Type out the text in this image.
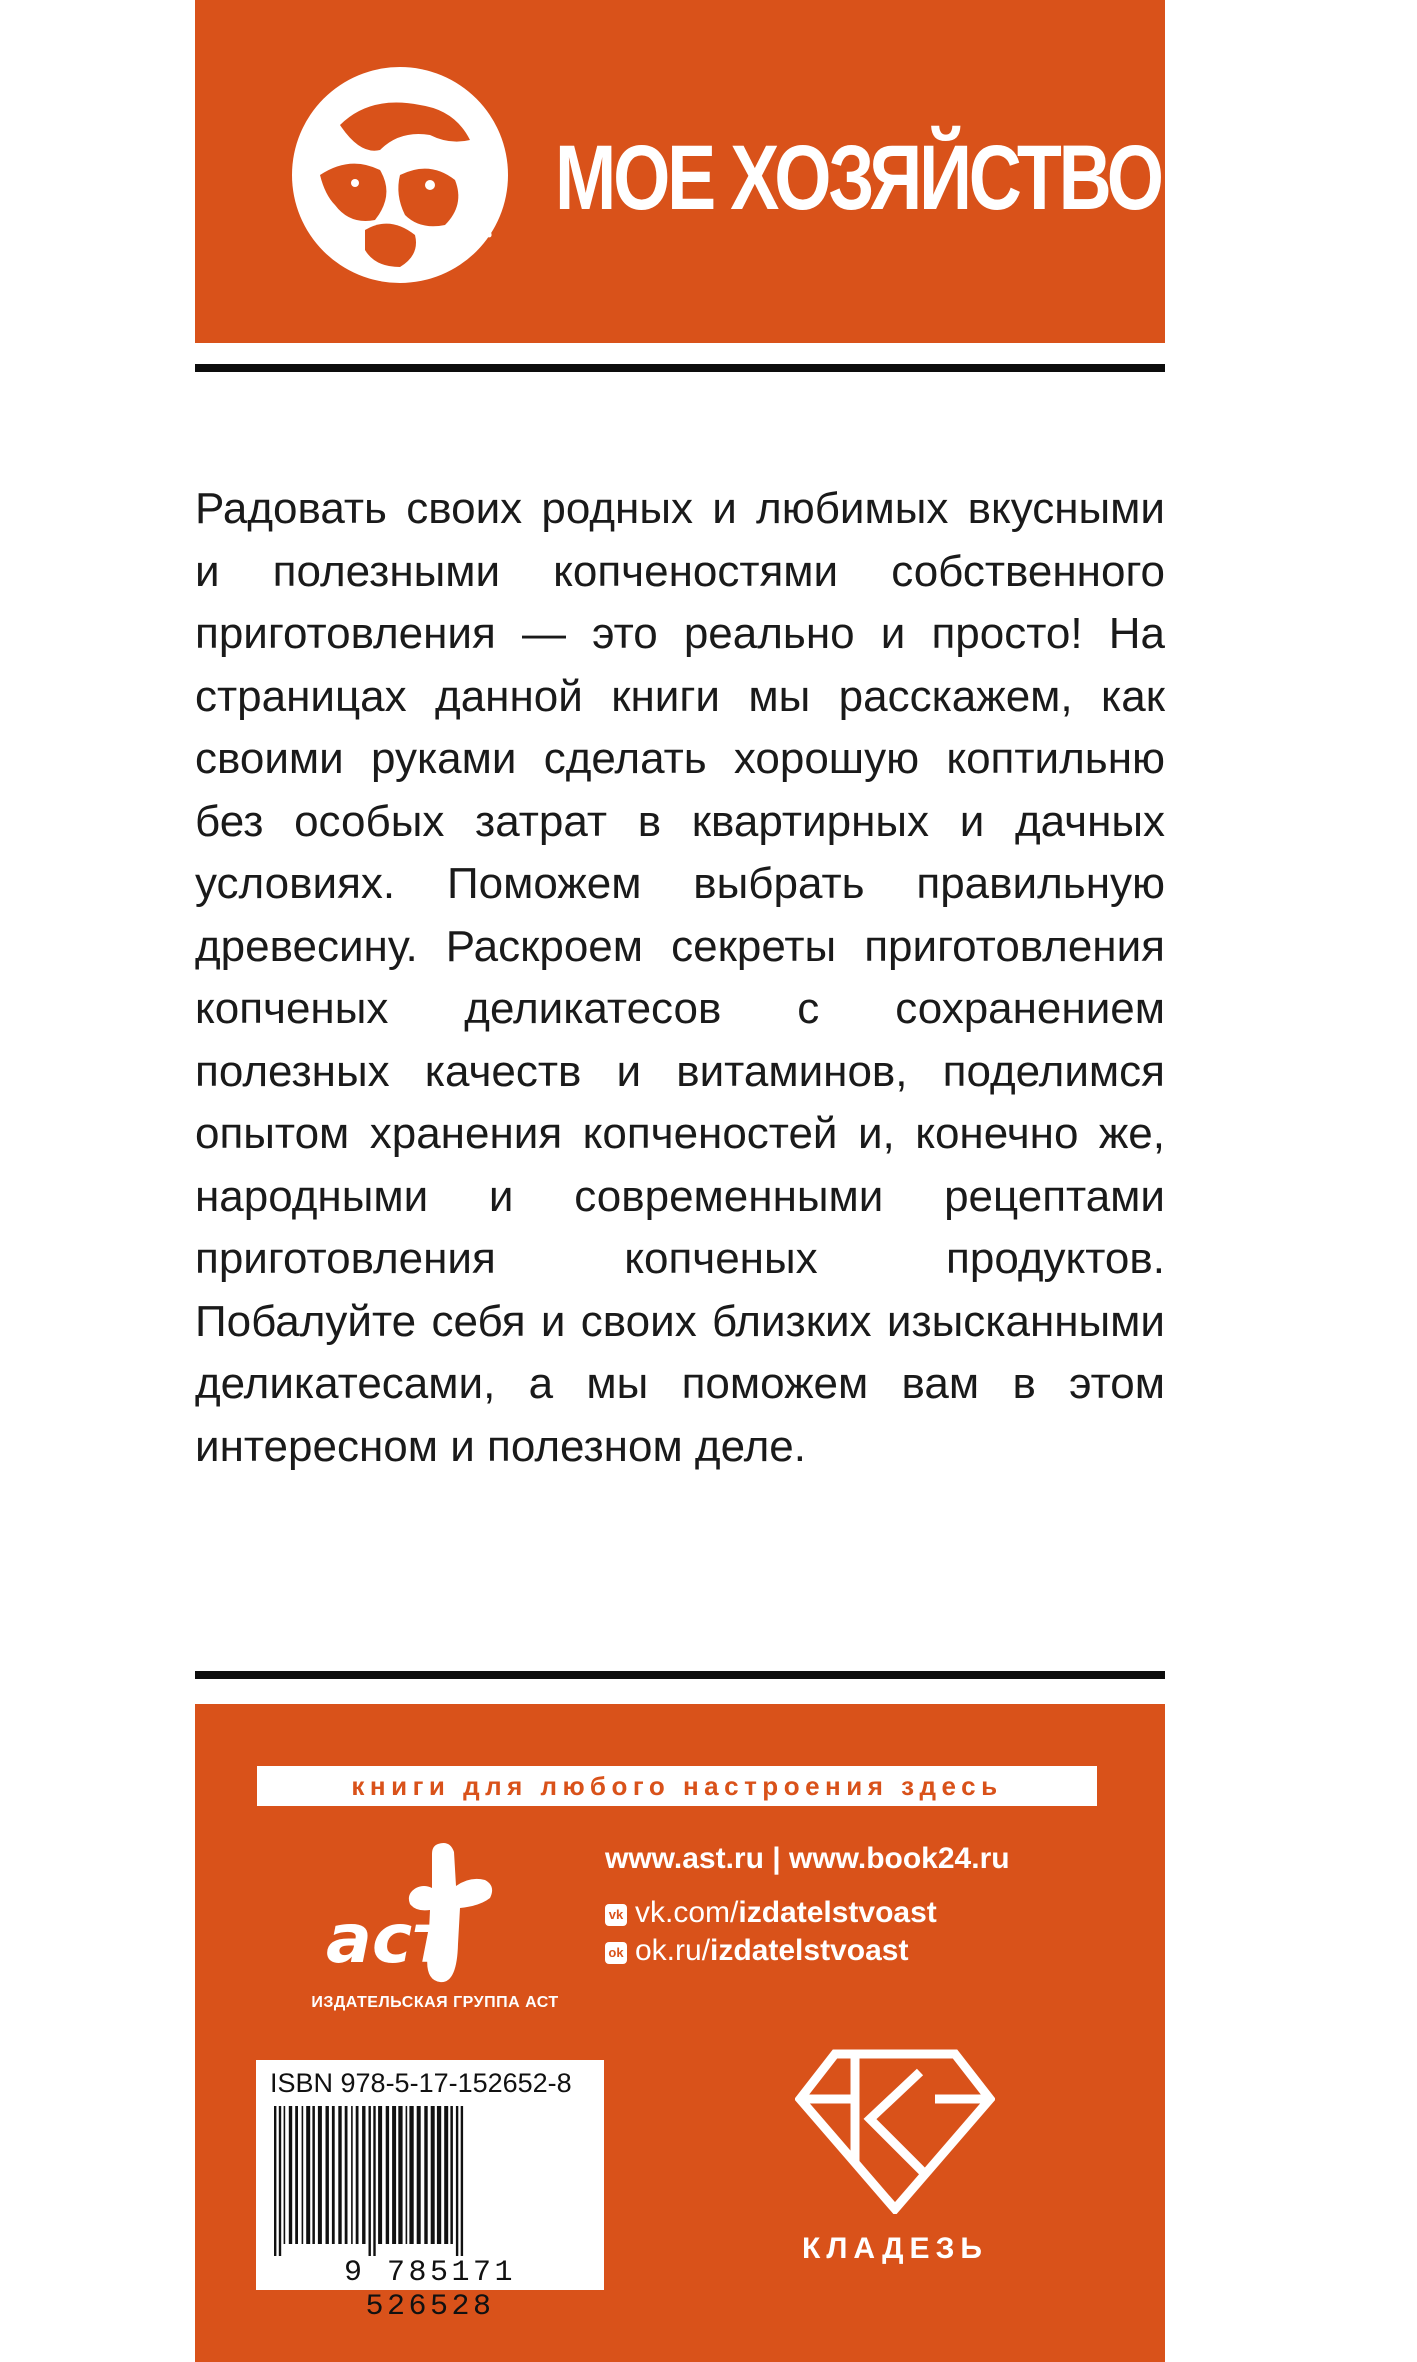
МОЕ ХОЗЯЙСТВО
Радовать своих родных и любимых вкусными и полезными копченостями собственного приготовления — это реально и просто! На страницах данной книги мы расскажем, как своими руками сделать хорошую коптильню без особых затрат в квартирных и дачных условиях. Поможем выбрать правильную древесину. Раскроем секреты приготовления копченых деликатесов с сохранением полезных качеств и витаминов, поделимся опытом хранения копченостей и, конечно же, народными и современными рецептами приготовления копченых продуктов. Побалуйте себя и своих близких изысканными деликатесами, а мы поможем вам в этом интересном и полезном деле.
книги для любого настроения здесь
аст
ИЗДАТЕЛЬСКАЯ ГРУППА АСТ
www.ast.ru | www.book24.ru
vk vk.com/izdatelstvoast
ok ok.ru/izdatelstvoast
ISBN 978-5-17-152652-8
9 785171 526528
КЛАДЕЗЬ
